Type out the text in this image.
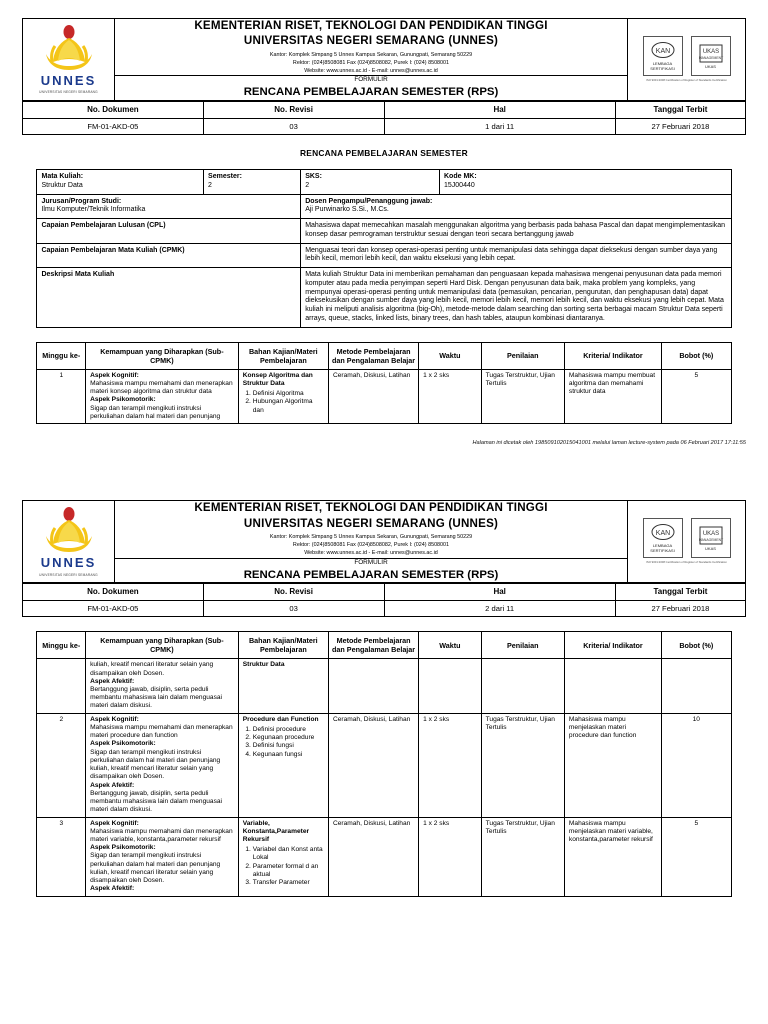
UNNES
UNIVERSITAS NEGERI SEMARANG

KEMENTERIAN RISET, TEKNOLOGI DAN PENDIDIKAN TINGGI
UNIVERSITAS NEGERI SEMARANG (UNNES)
Kantor: Komplek Simpang 5 Unnes Kampus Sekaran, Gunungpati, Semarang 50229
Rektor: (024)8508081 Fax (024)8508082, Purek I: (024) 8508001
Website: www.unnes.ac.id - E-mail: unnes@unnes.ac.id

KAN
LEMBAGA SERTIFIKASI
UKAS
MANAGEMENT
UKAS
ISO 9001:2008 Certification of Register of Standards Certification

FORMULIR
RENCANA PEMBELAJARAN SEMESTER (RPS)
No. Dokumen	No. Revisi	Hal	Tanggal Terbit
FM-01-AKD-05	03	1 dari 11	27 Februari 2018
RENCANA PEMBELAJARAN SEMESTER
Mata Kuliah:
Struktur Data

Semester:
2

SKS:
2

Kode MK:
15J00440

Jurusan/Program Studi:
Ilmu Komputer/Teknik Informatika

Dosen Pengampu/Penanggung jawab:
Aji Purwinarko S.Si., M.Cs.

Capaian Pembelajaran Lulusan (CPL)		Mahasiswa dapat memecahkan masalah menggunakan algoritma yang berbasis pada bahasa Pascal dan dapat mengimplementasikan konsep dasar pemrograman terstruktur sesuai dengan teori secara bertanggung jawab	
Capaian Pembelajaran Mata Kuliah (CPMK)		Menguasai teori dan konsep operasi-operasi penting untuk memanipulasi data sehingga dapat dieksekusi dengan sumber daya yang lebih kecil, memori lebih kecil, dan waktu eksekusi yang lebih cepat.	
Deskripsi Mata Kuliah		Mata kuliah Struktur Data ini memberikan pemahaman dan penguasaan kepada mahasiswa mengenai penyusunan data pada memori komputer atau pada media penyimpan seperti Hard Disk. Dengan penyusunan data baik, maka problem yang kompleks, yang mempunyai operasi-operasi penting untuk memanipulasi data (pemasukan, pencarian, pengurutan, dan penghapusan data) dapat dieksekusikan dengan sumber daya yang lebih kecil, memori lebih kecil, memori lebih kecil, dan waktu eksekusi yang lebih cepat. Mata kuliah ini meliputi analisis algoritma (big-Oh), metode-metode dalam searching dan sorting serta berbagai macam Struktur Data seperti arrays, queue, stacks, linked lists, binary trees, dan hash tables, ataupun kombinasi diantaranya.	
Minggu ke-	Kemampuan yang Diharapkan (Sub-CPMK)	Bahan Kajian/Materi Pembelajaran	Metode Pembelajaran dan Pengalaman Belajar	Waktu	Penilaian	Kriteria/ Indikator	Bobot (%)
1	Aspek Kognitif:
Mahasiswa mampu memahami dan menerapkan materi konsep algoritma dan struktur data
Aspek Psikomotorik:
Sigap dan terampil mengikuti instruksi perkuliahan dalam hal materi dan penunjang

Konsep Algoritma dan Struktur Data
1. Definisi Algoritma
2. Hubungan Algoritma dan
	Ceramah, Diskusi, Latihan	1 x 2 sks	Tugas Terstruktur, Ujian Tertulis	Mahasiswa mampu membuat algoritma dan memahami struktur data	5
Halaman ini dicetak oleh 198509102015041001 melalui laman lecture-system pada 06 Februari 2017 17:11:55
UNNES
UNIVERSITAS NEGERI SEMARANG

KEMENTERIAN RISET, TEKNOLOGI DAN PENDIDIKAN TINGGI
UNIVERSITAS NEGERI SEMARANG (UNNES)
Kantor: Komplek Simpang 5 Unnes Kampus Sekaran, Gunungpati, Semarang 50229
Rektor: (024)8508081 Fax (024)8508082, Purek I: (024) 8508001
Website: www.unnes.ac.id - E-mail: unnes@unnes.ac.id

KAN
LEMBAGA SERTIFIKASI
UKAS
MANAGEMENT
UKAS
ISO 9001:2008 Certification of Register of Standards Certification

FORMULIR
RENCANA PEMBELAJARAN SEMESTER (RPS)
No. Dokumen	No. Revisi	Hal	Tanggal Terbit
FM-01-AKD-05	03	2 dari 11	27 Februari 2018
Minggu ke-	Kemampuan yang Diharapkan (Sub-CPMK)	Bahan Kajian/Materi Pembelajaran	Metode Pembelajaran dan Pengalaman Belajar	Waktu	Penilaian	Kriteria/ Indikator	Bobot (%)

	kuliah, kreatif mencari literatur selain yang disampaikan oleh Dosen.
Aspek Afektif:
Bertanggung jawab, disiplin, serta peduli membantu mahasiswa lain dalam menguasai materi dalam diskusi.	Struktur Data					

2	Aspek Kognitif:
Mahasiswa mampu memahami dan menerapkan materi procedure dan function
Aspek Psikomotorik:
Sigap dan terampil mengikuti instruksi perkuliahan dalam hal materi dan penunjang kuliah, kreatif mencari literatur selain yang disampaikan oleh Dosen.
Aspek Afektif:
Bertanggung jawab, disiplin, serta peduli membantu mahasiswa lain dalam menguasai materi dalam diskusi.

Procedure dan Function
1. Definisi procedure
2. Kegunaan procedure
3. Definisi fungsi
4. Kegunaan fungsi
	Ceramah, Diskusi, Latihan	1 x 2 sks	Tugas Terstruktur, Ujian Tertulis	Mahasiswa mampu menjelaskan materi procedure dan function	10
3	Aspek Kognitif:
Mahasiswa mampu memahami dan menerapkan materi variable, konstanta,parameter rekursif
Aspek Psikomotorik:
Sigap dan terampil mengikuti instruksi perkuliahan dalam hal materi dan penunjang kuliah, kreatif mencari literatur selain yang disampaikan oleh Dosen.
Aspek Afektif:

Variable, Konstanta,Parameter Rekursif
1. Variabel dan Konst anta Lokal
2. Parameter formal d an aktual
3. Transfer Parameter
	Ceramah, Diskusi, Latihan	1 x 2 sks	Tugas Terstruktur, Ujian Tertulis	Mahasiswa mampu menjelaskan materi variable, konstanta,parameter rekursif	5
